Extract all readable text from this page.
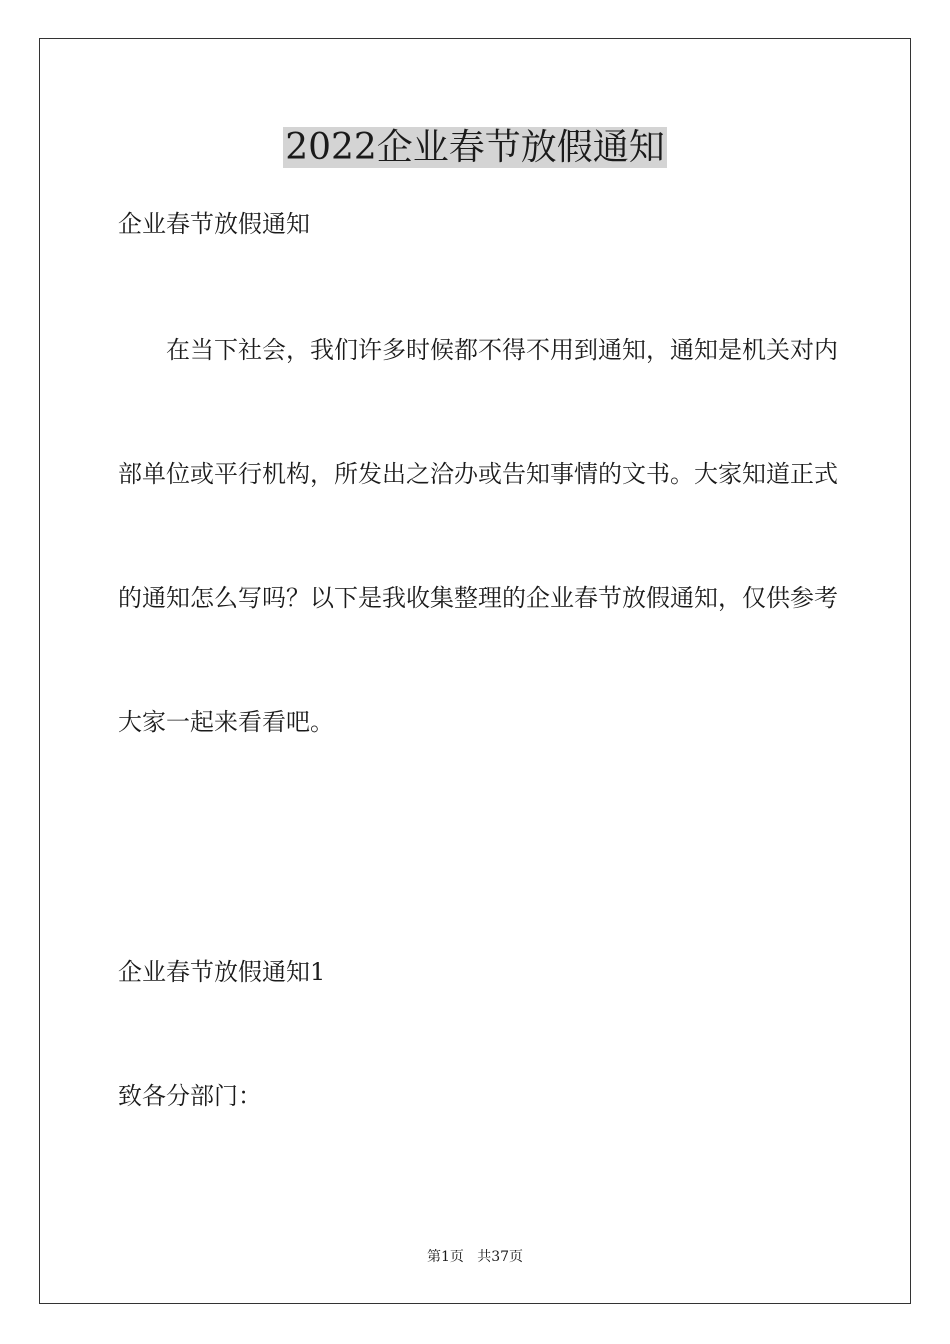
2022企业春节放假通知

企业春节放假通知

在当下社会，我们许多时候都不得不用到通知，通知是机关对内

部单位或平行机构，所发出之洽办或告知事情的文书。大家知道正式

的通知怎么写吗？以下是我收集整理的企业春节放假通知，仅供参考

大家一起来看看吧。

企业春节放假通知1

致各分部门：

第1页   共37页
